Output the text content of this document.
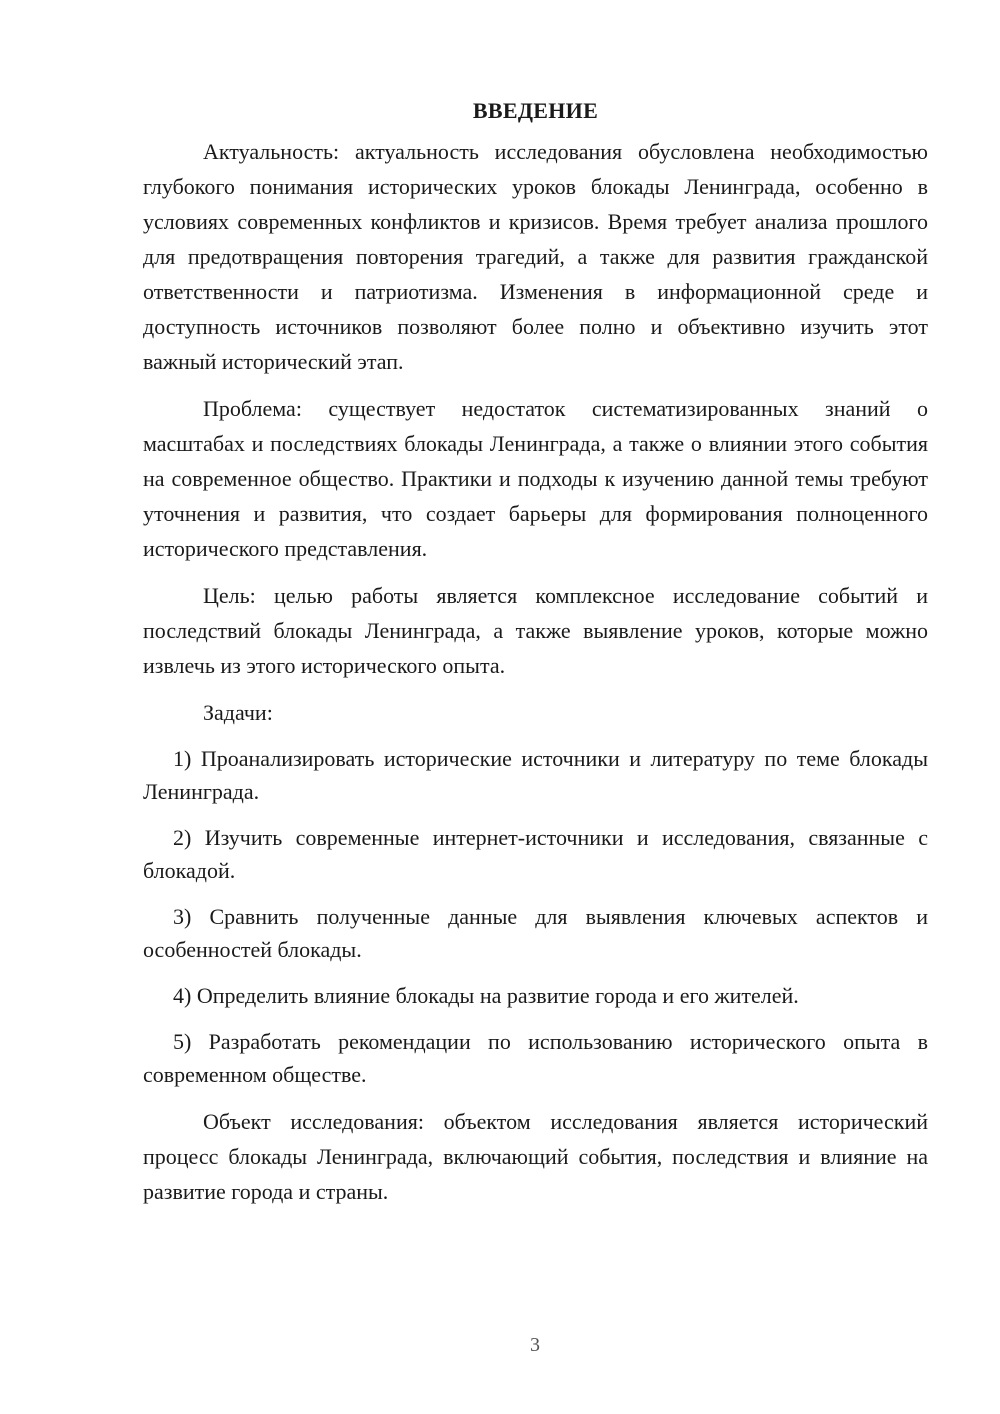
ВВЕДЕНИЕ

Актуальность: актуальность исследования обусловлена необходимостью глубокого понимания исторических уроков блокады Ленинграда, особенно в условиях современных конфликтов и кризисов. Время требует анализа прошлого для предотвращения повторения трагедий, а также для развития гражданской ответственности и патриотизма. Изменения в информационной среде и доступность источников позволяют более полно и объективно изучить этот важный исторический этап.

Проблема: существует недостаток систематизированных знаний о масштабах и последствиях блокады Ленинграда, а также о влиянии этого события на современное общество. Практики и подходы к изучению данной темы требуют уточнения и развития, что создает барьеры для формирования полноценного исторического представления.

Цель: целью работы является комплексное исследование событий и последствий блокады Ленинграда, а также выявление уроков, которые можно извлечь из этого исторического опыта.

Задачи:

1) Проанализировать исторические источники и литературу по теме блокады Ленинграда.

2) Изучить современные интернет-источники и исследования, связанные с блокадой.

3) Сравнить полученные данные для выявления ключевых аспектов и особенностей блокады.

4) Определить влияние блокады на развитие города и его жителей.

5) Разработать рекомендации по использованию исторического опыта в современном обществе.

Объект исследования: объектом исследования является исторический процесс блокады Ленинграда, включающий события, последствия и влияние на развитие города и страны.

3
